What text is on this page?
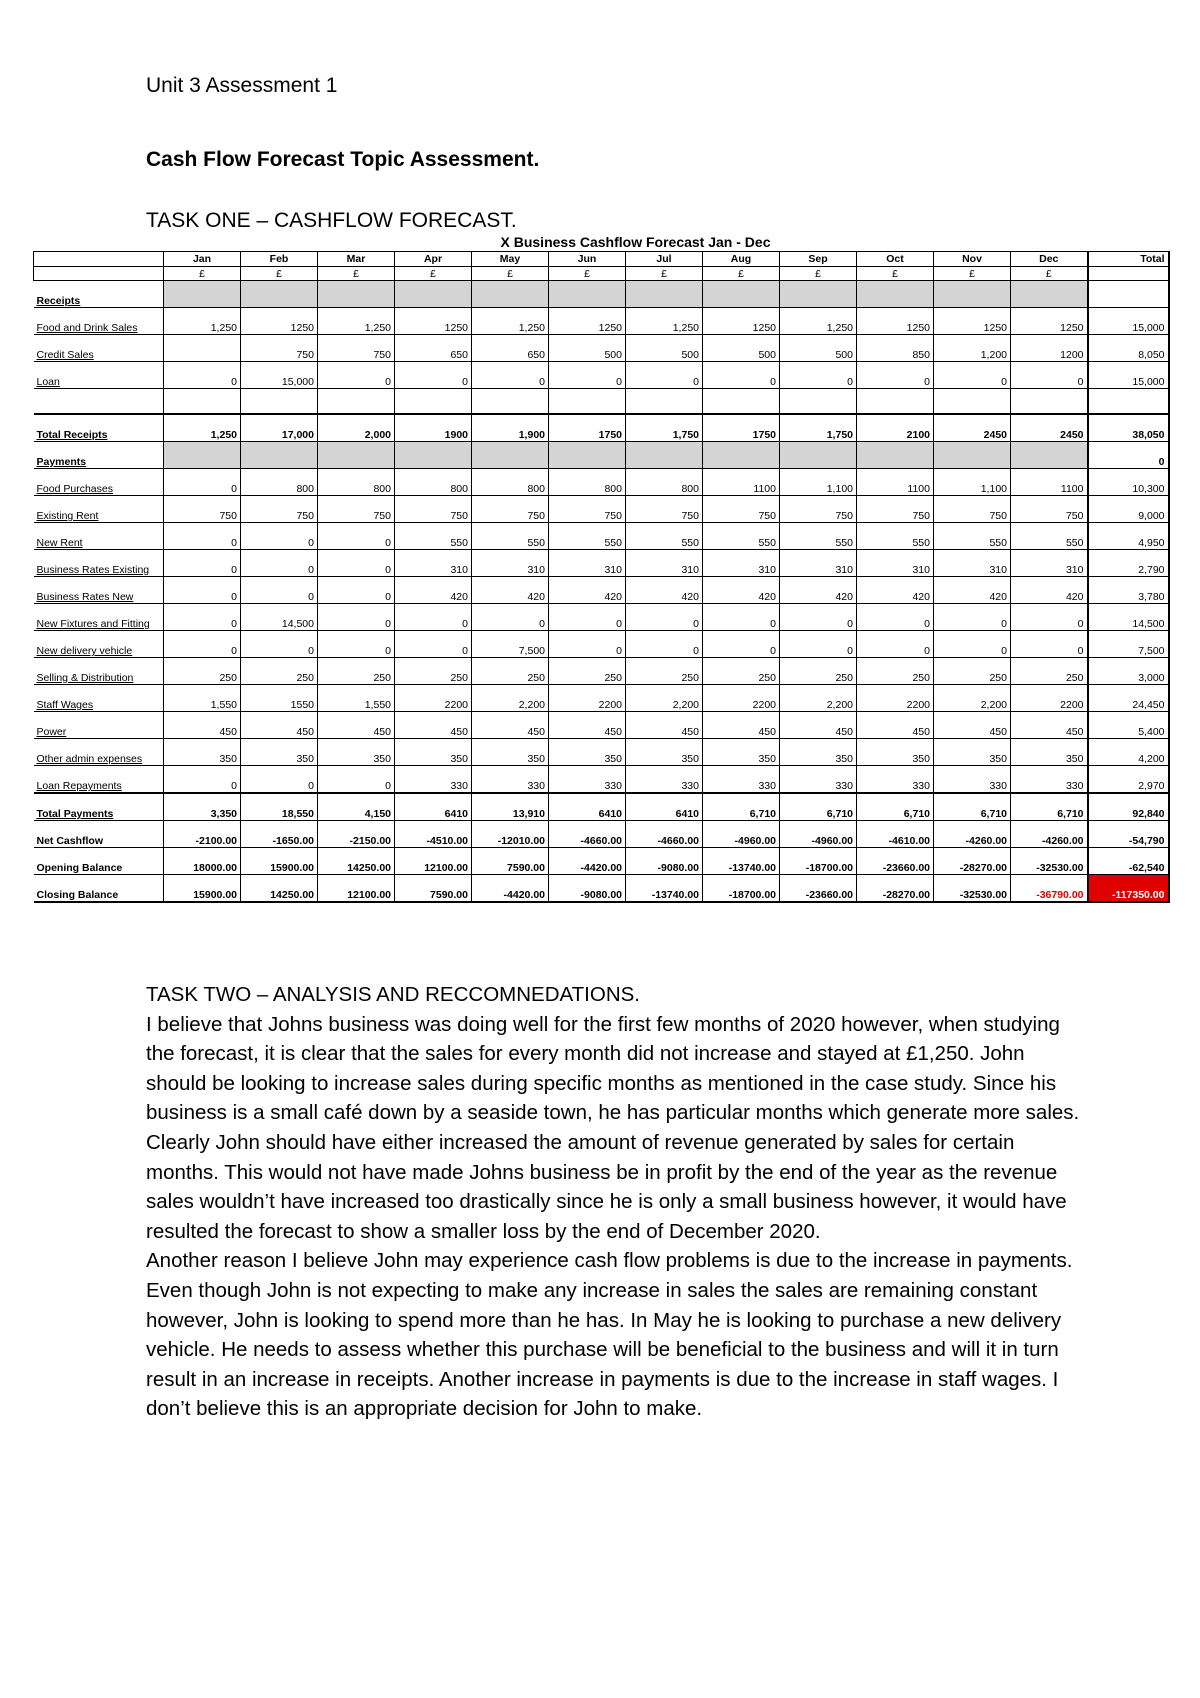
Unit 3 Assessment 1
Cash Flow Forecast Topic Assessment.
TASK ONE – CASHFLOW FORECAST.
X Business Cashflow Forecast Jan - Dec
	Jan	Feb	Mar	Apr	May	Jun	Jul	Aug	Sep	Oct	Nov	Dec	Total
	£	£	£	£	£	£	£	£	£	£	£	£	
Receipts													
Food and Drink Sales	1,250	1250	1,250	1250	1,250	1250	1,250	1250	1,250	1250	1250	1250	15,000
Credit Sales		750	750	650	650	500	500	500	500	850	1,200	1200	8,050
Loan	0	15,000	0	0	0	0	0	0	0	0	0	0	15,000

Total Receipts	1,250	17,000	2,000	1900	1,900	1750	1,750	1750	1,750	2100	2450	2450	38,050
Payments													0
Food Purchases	0	800	800	800	800	800	800	1100	1,100	1100	1,100	1100	10,300
Existing Rent	750	750	750	750	750	750	750	750	750	750	750	750	9,000
New Rent	0	0	0	550	550	550	550	550	550	550	550	550	4,950
Business Rates Existing	0	0	0	310	310	310	310	310	310	310	310	310	2,790
Business Rates New	0	0	0	420	420	420	420	420	420	420	420	420	3,780
New Fixtures and Fitting	0	14,500	0	0	0	0	0	0	0	0	0	0	14,500
New delivery vehicle	0	0	0	0	7,500	0	0	0	0	0	0	0	7,500
Selling & Distribution	250	250	250	250	250	250	250	250	250	250	250	250	3,000
Staff Wages	1,550	1550	1,550	2200	2,200	2200	2,200	2200	2,200	2200	2,200	2200	24,450
Power	450	450	450	450	450	450	450	450	450	450	450	450	5,400
Other admin expenses	350	350	350	350	350	350	350	350	350	350	350	350	4,200
Loan Repayments	0	0	0	330	330	330	330	330	330	330	330	330	2,970
Total Payments	3,350	18,550	4,150	6410	13,910	6410	6410	6,710	6,710	6,710	6,710	6,710	92,840
Net Cashflow	-2100.00	-1650.00	-2150.00	-4510.00	-12010.00	-4660.00	-4660.00	-4960.00	-4960.00	-4610.00	-4260.00	-4260.00	-54,790
Opening Balance	18000.00	15900.00	14250.00	12100.00	7590.00	-4420.00	-9080.00	-13740.00	-18700.00	-23660.00	-28270.00	-32530.00	-62,540
Closing Balance	15900.00	14250.00	12100.00	7590.00	-4420.00	-9080.00	-13740.00	-18700.00	-23660.00	-28270.00	-32530.00	-36790.00	-117350.00

TASK TWO – ANALYSIS AND RECCOMNEDATIONS.

I believe that Johns business was doing well for the first few months of 2020 however, when studying the forecast, it is clear that the sales for every month did not increase and stayed at £1,250. John should be looking to increase sales during specific months as mentioned in the case study. Since his business is a small café down by a seaside town, he has particular months which generate more sales. Clearly John should have either increased the amount of revenue generated by sales for certain months. This would not have made Johns business be in profit by the end of the year as the revenue sales wouldn’t have increased too drastically since he is only a small business however, it would have resulted the forecast to show a smaller loss by the end of December 2020.

Another reason I believe John may experience cash flow problems is due to the increase in payments. Even though John is not expecting to make any increase in sales the sales are remaining constant however, John is looking to spend more than he has. In May he is looking to purchase a new delivery vehicle. He needs to assess whether this purchase will be beneficial to the business and will it in turn result in an increase in receipts. Another increase in payments is due to the increase in staff wages. I don’t believe this is an appropriate decision for John to make.
